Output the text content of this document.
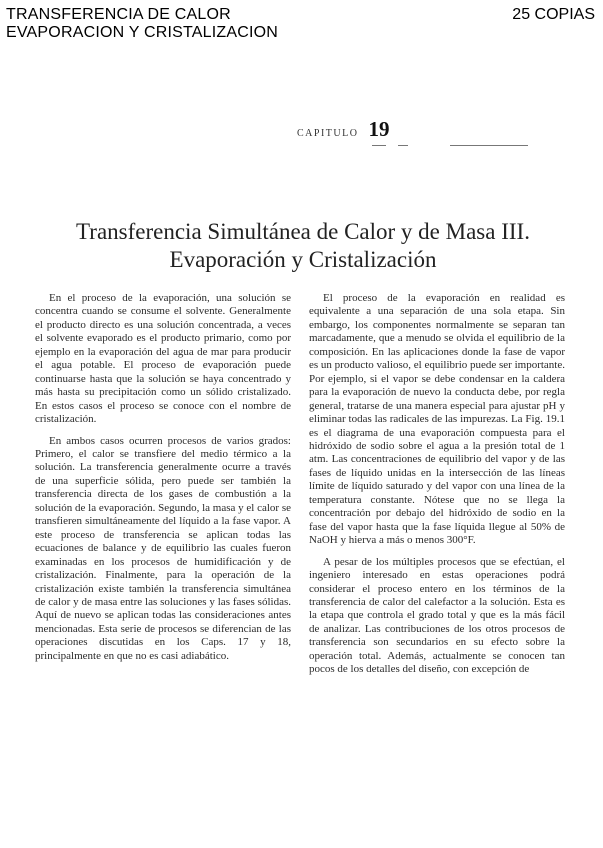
TRANSFERENCIA DE CALOR
EVAPORACION Y CRISTALIZACION
25 COPIAS
CAPITULO 19
Transferencia Simultánea de Calor y de Masa III.
Evaporación y Cristalización

En el proceso de la evaporación, una solución se concentra cuando se consume el solvente. Generalmente el producto directo es una solución concentrada, a veces el solvente evaporado es el producto primario, como por ejemplo en la evaporación del agua de mar para producir el agua potable. El proceso de evaporación puede continuarse hasta que la solución se haya concentrado y más hasta su precipitación como un sólido cristalizado. En estos casos el proceso se conoce con el nombre de cristalización.

En ambos casos ocurren procesos de varios grados: Primero, el calor se transfiere del medio térmico a la solución. La transferencia generalmente ocurre a través de una superficie sólida, pero puede ser también la transferencia directa de los gases de combustión a la solución de la evaporación. Segundo, la masa y el calor se transfieren simultáneamente del líquido a la fase vapor. A este proceso de transferencia se aplican todas las ecuaciones de balance y de equilibrio las cuales fueron examinadas en los procesos de humidificación y de cristalización. Finalmente, para la operación de la cristalización existe también la transferencia simultánea de calor y de masa entre las soluciones y las fases sólidas. Aquí de nuevo se aplican todas las consideraciones antes mencionadas. Esta serie de procesos se diferencian de las operaciones discutidas en los Caps. 17 y 18, principalmente en que no es casi adiabático.

El proceso de la evaporación en realidad es equivalente a una separación de una sola etapa. Sin embargo, los componentes normalmente se separan tan marcadamente, que a menudo se olvida el equilibrio de la composición. En las aplicaciones donde la fase de vapor es un producto valioso, el equilibrio puede ser importante. Por ejemplo, si el vapor se debe condensar en la caldera para la evaporación de nuevo la conducta debe, por regla general, tratarse de una manera especial para ajustar pH y eliminar todas las radicales de las impurezas. La Fig. 19.1 es el diagrama de una evaporación compuesta para el hidróxido de sodio sobre el agua a la presión total de 1 atm. Las concentraciones de equilibrio del vapor y de las fases de líquido unidas en la intersección de las líneas límite de líquido saturado y del vapor con una línea de la temperatura constante. Nótese que no se llega la concentración por debajo del hidróxido de sodio en la fase del vapor hasta que la fase líquida llegue al 50% de NaOH y hierva a más o menos 300°F.

A pesar de los múltiples procesos que se efectúan, el ingeniero interesado en estas operaciones podrá considerar el proceso entero en los términos de la transferencia de calor del calefactor a la solución. Esta es la etapa que controla el grado total y que es la más fácil de analizar. Las contribuciones de los otros procesos de transferencia son secundarios en su efecto sobre la operación total. Además, actualmente se conocen tan pocos de los detalles del diseño, con excepción de
